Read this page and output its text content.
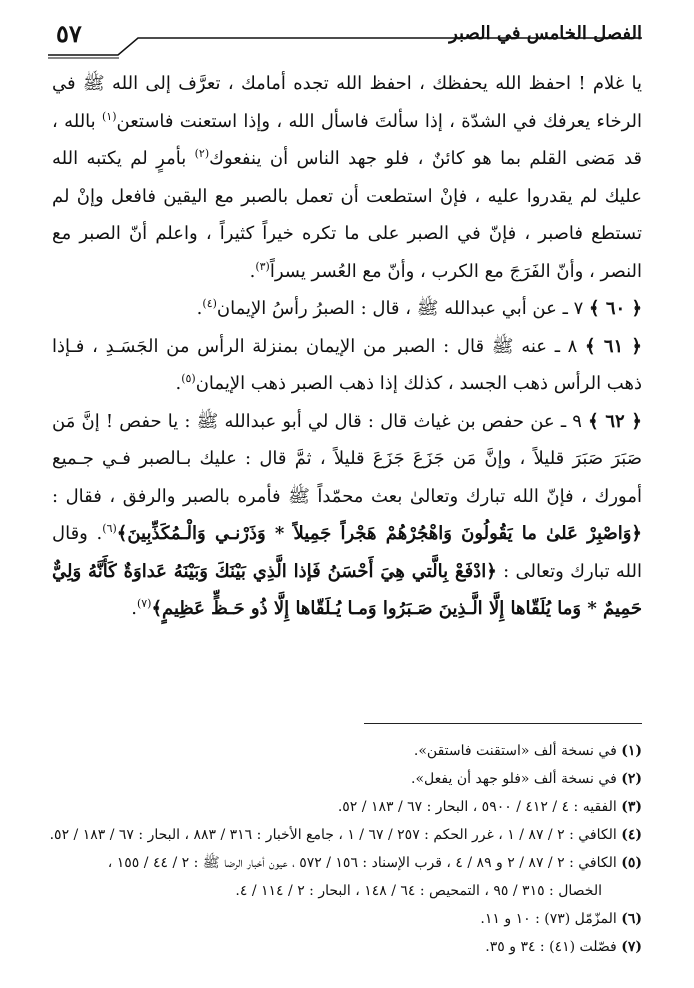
الفصل الخامس في الصبر
٥٧

يا غلام ! احفظ الله يحفظك ، احفظ الله تجده أمامك ، تعرَّف إلى الله ﷺ في الرخاء يعرفك في الشدّة ، إذا سألتَ فاسأل الله ، وإذا استعنت فاستعن$^{(١)}$ بالله ، قد مَضى القلم بما هو كائنٌ ، فلو جهد الناس أن ينفعوك$^{(٢)}$ بأمرٍ لم يكتبه الله عليك لم يقدروا عليه ، فإنْ استطعت أن تعمل بالصبر مع اليقين فافعل وإنْ لم تستطع فاصبر ، فإنّ في الصبر على ما تكره خيراً كثيراً ، واعلم أنّ الصبر مع النصر ، وأنّ الفَرَجَ مع الكرب ، وأنّ مع العُسر يسراً$^{(٣)}$.

﴿ ٦٠ ﴾ ٧ ـ عن أبي عبدالله ﷺ ، قال : الصبرُ رأسُ الإيمان$^{(٤)}$.

﴿ ٦١ ﴾ ٨ ـ عنه ﷺ قال : الصبر من الإيمان بمنزلة الرأس من الجَسَـدِ ، فـإذا ذهب الرأس ذهب الجسد ، كذلك إذا ذهب الصبر ذهب الإيمان$^{(٥)}$.

﴿ ٦٢ ﴾ ٩ ـ عن حفص بن غياث قال : قال لي أبو عبدالله ﷺ : يا حفص ! إنَّ مَن صَبَرَ صَبَرَ قليلاً ، وإنَّ مَن جَزَعَ جَزَعَ قليلاً ، ثمَّ قال : عليك بـالصبر فـي جـميع أمورك ، فإنّ الله تبارك وتعالىٰ بعث محمّداً ﷺ فأمره بالصبر والرفق ، فقال : ﴿وَاصْبِرْ عَلىٰ ما يَقُولُونَ وَاهْجُرْهُمْ هَجْراً جَمِيلاً * وَذَرْنـي وَالْـمُكَذِّبِينَ﴾$^{(٦)}$. وقال الله تبارك وتعالى : ﴿ادْفَعْ بِالَّتي هِيَ أَحْسَنُ فَإذا الَّذِي بَيْنَكَ وَبَيْنَهُ عَداوَةٌ كَأَنَّهُ وَلِيٌّ حَمِيمٌ * وَما يُلَقّاها إِلَّا الَّـذِينَ صَـبَرُوا وَمـا يُـلَقّاها إِلَّا ذُو حَـظٍّ عَظِيمٍ﴾$^{(٧)}$.

(١) في نسخة ألف «استقنت فاستقن».

(٢) في نسخة ألف «فلو جهد أن يفعل».

(٣) الفقيه : ٤ / ٤١٢ / ٥٩٠٠ ، البحار : ٦٧ / ١٨٣ / ٥٢.

(٤) الكافي : ٢ / ٨٧ / ١ ، غرر الحكم : ٢٥٧ / ٦٧ / ١ ، جامع الأخبار : ٣١٦ / ٨٨٣ ، البحار : ٦٧ / ١٨٣ / ٥٢.

(٥) الكافي : ٢ / ٨٧ / ٢ و ٨٩ / ٤ ، قرب الإسناد : ١٥٦ / ٥٧٢ ، عيون أخبار الرضا ﷺ : ٢ / ٤٤ / ١٥٥ ،

الخصال : ٣١٥ / ٩٥ ، التمحيص : ٦٤ / ١٤٨ ، البحار : ٢ / ١١٤ / ٤.

(٦) المزّمّل (٧٣) : ١٠ و ١١.

(٧) فصّلت (٤١) : ٣٤ و ٣٥.
